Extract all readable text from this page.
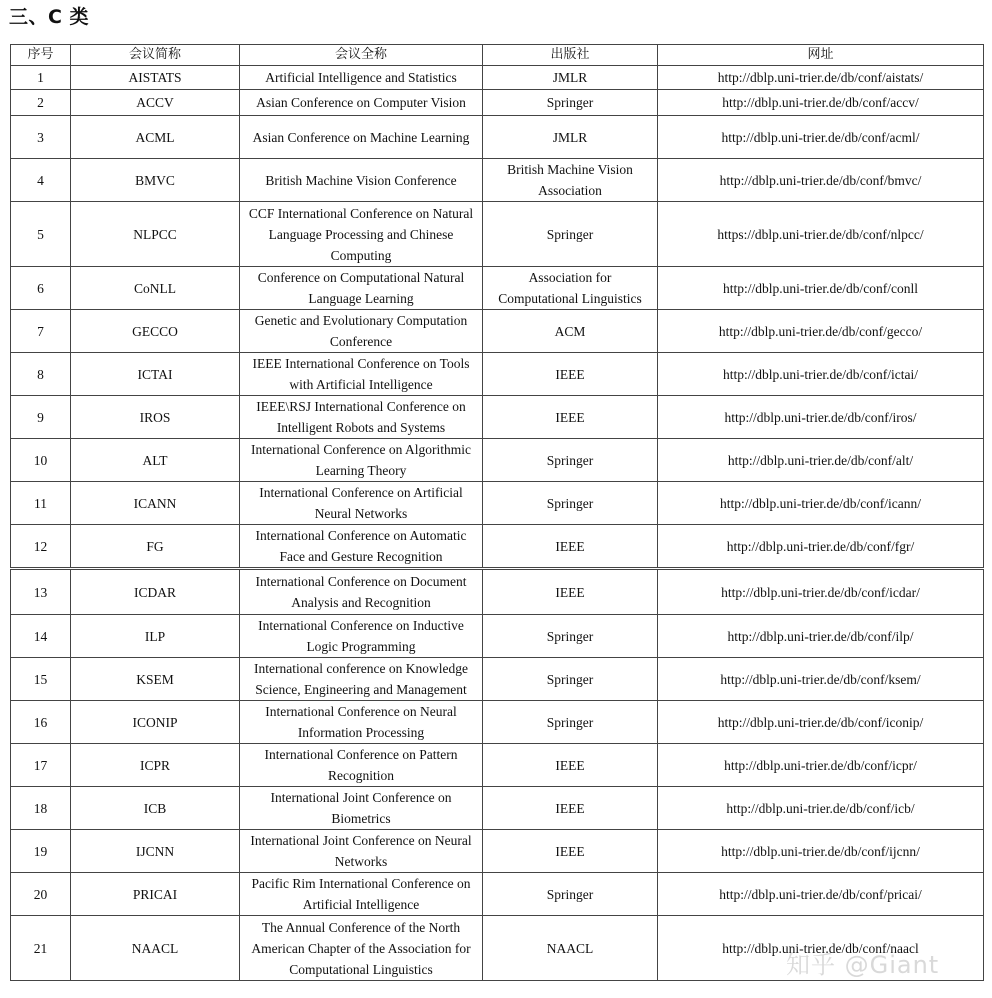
三、C 类
序号	会议简称	会议全称	出版社	网址
1	AISTATS	Artificial Intelligence and Statistics	JMLR	http://dblp.uni-trier.de/db/conf/aistats/
2	ACCV	Asian Conference on Computer Vision	Springer	http://dblp.uni-trier.de/db/conf/accv/
3	ACML	Asian Conference on Machine Learning	JMLR	http://dblp.uni-trier.de/db/conf/acml/
4	BMVC	British Machine Vision Conference	British Machine Vision Association	http://dblp.uni-trier.de/db/conf/bmvc/
5	NLPCC	CCF International Conference on Natural Language Processing and Chinese Computing	Springer	https://dblp.uni-trier.de/db/conf/nlpcc/
6	CoNLL	Conference on Computational Natural Language Learning	Association for Computational Linguistics	http://dblp.uni-trier.de/db/conf/conll
7	GECCO	Genetic and Evolutionary Computation Conference	ACM	http://dblp.uni-trier.de/db/conf/gecco/
8	ICTAI	IEEE International Conference on Tools with Artificial Intelligence	IEEE	http://dblp.uni-trier.de/db/conf/ictai/
9	IROS	IEEE\RSJ International Conference on Intelligent Robots and Systems	IEEE	http://dblp.uni-trier.de/db/conf/iros/
10	ALT	International Conference on Algorithmic Learning Theory	Springer	http://dblp.uni-trier.de/db/conf/alt/
11	ICANN	International Conference on Artificial Neural Networks	Springer	http://dblp.uni-trier.de/db/conf/icann/
12	FG	International Conference on Automatic Face and Gesture Recognition	IEEE	http://dblp.uni-trier.de/db/conf/fgr/
13	ICDAR	International Conference on Document Analysis and Recognition	IEEE	http://dblp.uni-trier.de/db/conf/icdar/
14	ILP	International Conference on Inductive Logic Programming	Springer	http://dblp.uni-trier.de/db/conf/ilp/
15	KSEM	International conference on Knowledge Science, Engineering and Management	Springer	http://dblp.uni-trier.de/db/conf/ksem/
16	ICONIP	International Conference on Neural Information Processing	Springer	http://dblp.uni-trier.de/db/conf/iconip/
17	ICPR	International Conference on Pattern Recognition	IEEE	http://dblp.uni-trier.de/db/conf/icpr/
18	ICB	International Joint Conference on Biometrics	IEEE	http://dblp.uni-trier.de/db/conf/icb/
19	IJCNN	International Joint Conference on Neural Networks	IEEE	http://dblp.uni-trier.de/db/conf/ijcnn/
20	PRICAI	Pacific Rim International Conference on Artificial Intelligence	Springer	http://dblp.uni-trier.de/db/conf/pricai/
21	NAACL	The Annual Conference of the North American Chapter of the Association for Computational Linguistics	NAACL	http://dblp.uni-trier.de/db/conf/naacl
知乎 @Giant
